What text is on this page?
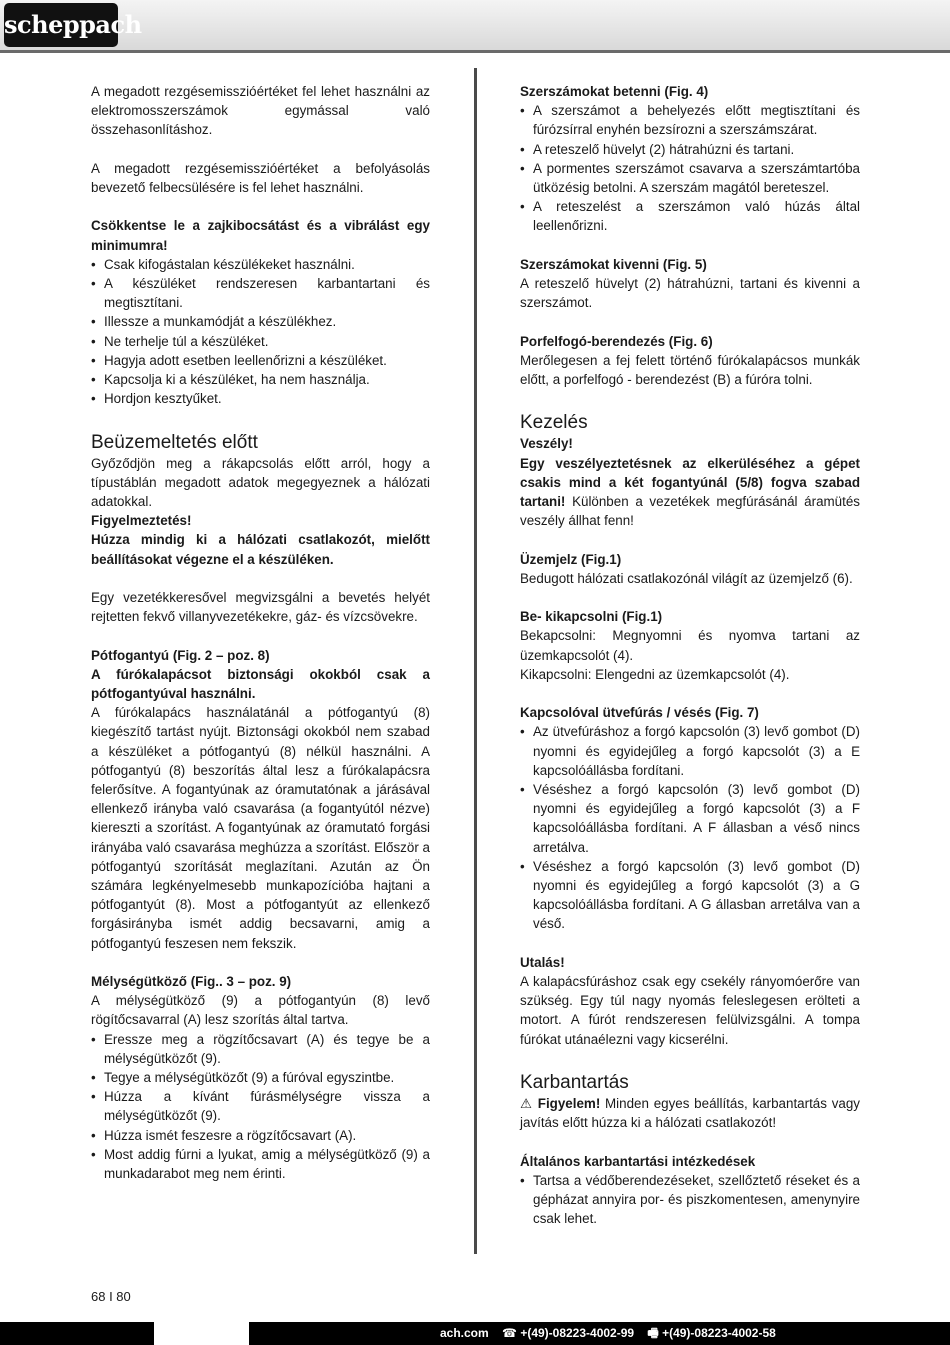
scheppach

A megadott rezgésemisszióértéket fel lehet használni az elektromosszerszámok egymással való összehasonlításhoz.

A megadott rezgésemisszióértéket a befolyásolás bevezető felbecsülésére is fel lehet használni.

Csökkentse le a zajkibocsátást és a vibrálást egy minimumra!

• Csak kifogástalan készülékeket használni.
• A készüléket rendszeresen karbantartani és megtisztítani.
• Illessze a munkamódját a készülékhez.
• Ne terhelje túl a készüléket.
• Hagyja adott esetben leellenőrizni a készüléket.
• Kapcsolja ki a készüléket, ha nem használja.
• Hordjon kesztyűket.
Beüzemeltetés előtt

Győződjön meg a rákapcsolás előtt arról, hogy a típustáblán megadott adatok megegyeznek a hálózati adatokkal.

Figyelmeztetés!

Húzza mindig ki a hálózati csatlakozót, mielőtt beállításokat végezne el a készüléken.

Egy vezetékkeresővel megvizsgálni a bevetés helyét rejtetten fekvő villanyvezetékekre, gáz- és vízcsövekre.

Pótfogantyú (Fig. 2 – poz. 8)

A fúrókalapácsot biztonsági okokból csak a pótfogantyúval használni.

A fúrókalapács használatánál a pótfogantyú (8) kiegészítő tartást nyújt. Biztonsági okokból nem szabad a készüléket a pótfogantyú (8) nélkül használni. A pótfogantyú (8) beszorítás által lesz a fúrókalapácsra felerősítve. A fogantyúnak az óramutatónak a járásával ellenkező irányba való csavarása (a fogantyútól nézve) kiereszti a szorítást. A fogantyúnak az óramutató forgási irányába való csavarása meghúzza a szorítást. Először a pótfogantyú szorítását meglazítani. Azután az Ön számára legkényelmesebb munkapozícióba hajtani a pótfogantyút (8). Most a pótfogantyút az ellenkező forgásirányba ismét addig becsavarni, amig a pótfogantyú feszesen nem fekszik.

Mélységütköző (Fig.. 3 – poz. 9)

A mélységütköző (9) a pótfogantyún (8) levő rögítőcsavarral (A) lesz szorítás által tartva.

• Eressze meg a rögzítőcsavart (A) és tegye be a mélységütközőt (9).
• Tegye a mélységütközőt (9) a fúróval egyszintbe.
• Húzza a kívánt fúrásmélységre vissza a mélységütközőt (9).
• Húzza ismét feszesre a rögzítőcsavart (A).
• Most addig fúrni a lyukat, amig a mélységütköző (9) a munkadarabot meg nem érinti.

Szerszámokat betenni (Fig. 4)

• A szerszámot a behelyezés előtt megtisztítani és fúrózsírral enyhén bezsírozni a szerszámszárat.
• A reteszelő hüvelyt (2) hátrahúzni és tartani.
• A pormentes szerszámot csavarva a szerszámtartóba ütközésig betolni. A szerszám magától bereteszel.
• A reteszelést a szerszámon való húzás által leellenőrizni.

Szerszámokat kivenni (Fig. 5)

A reteszelő hüvelyt (2) hátrahúzni, tartani és kivenni a szerszámot.

Porfelfogó-berendezés (Fig. 6)

Merőlegesen a fej felett történő fúrókalapácsos munkák előtt, a porfelfogó - berendezést (B) a fúróra tolni.

Kezelés

Veszély!

Egy veszélyeztetésnek az elkerüléséhez a gépet csakis mind a két fogantyúnál (5/8) fogva szabad tartani! Különben a vezetékek megfúrásánál áramütés veszély állhat fenn!

Üzemjelz (Fig.1)

Bedugott hálózati csatlakozónál világít az üzemjelző (6).

Be- kikapcsolni (Fig.1)

Bekapcsolni: Megnyomni és nyomva tartani az üzemkapcsolót (4).

Kikapcsolni: Elengedni az üzemkapcsolót (4).

Kapcsolóval ütvefúrás / vésés (Fig. 7)

• Az ütvefúráshoz a forgó kapcsolón (3) levő gombot (D) nyomni és egyidejűleg a forgó kapcsolót (3) a E kapcsolóállásba fordítani.
• Véséshez a forgó kapcsolón (3) levő gombot (D) nyomni és egyidejűleg a forgó kapcsolót (3) a F kapcsolóállásba fordítani. A F állasban a véső nincs arretálva.
• Véséshez a forgó kapcsolón (3) levő gombot (D) nyomni és egyidejűleg a forgó kapcsolót (3) a G kapcsolóállásba fordítani. A G állasban arretálva van a véső.

Utalás!

A kalapácsfúráshoz csak egy csekély rányomóerőre van szükség. Egy túl nagy nyomás feleslegesen erölteti a motort. A fúrót rendszeresen felülvizsgálni. A tompa fúrókat utánaélezni vagy kicserélni.

Karbantartás

⚠ Figyelem! Minden egyes beállítás, karbantartás vagy javítás előtt húzza ki a hálózati csatlakozót!

Általános karbantartási intézkedések

• Tartsa a védőberendezéseket, szellőztető réseket és a gépházat annyira por- és piszkomentesen, amenynyire csak lehet.
68 I 80
ach.com ☎ +(49)-08223-4002-99 🖷 +(49)-08223-4002-58
